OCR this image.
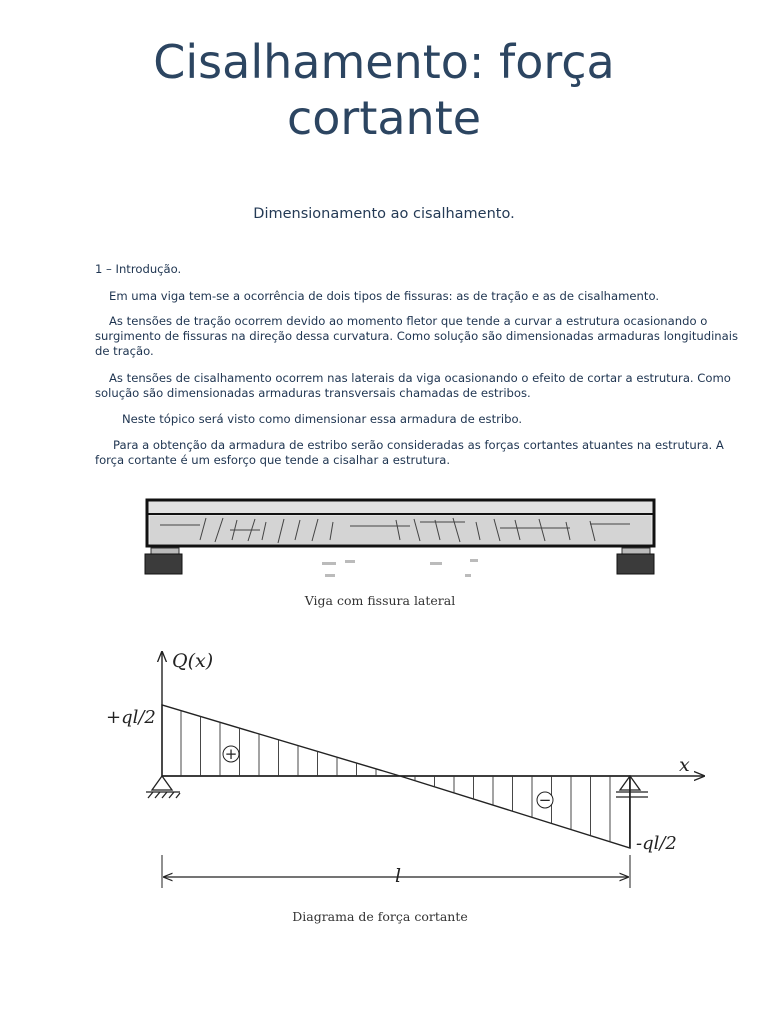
Cisalhamento: força
cortante
Dimensionamento ao cisalhamento.
1 – Introdução.
Em uma viga tem-se a ocorrência de dois tipos de fissuras: as de tração e as de cisalhamento.
As tensões de tração ocorrem devido ao momento fletor que tende a curvar a estrutura ocasionando o surgimento de fissuras na direção dessa curvatura. Como solução são dimensionadas armaduras longitudinais de tração.
As tensões de cisalhamento ocorrem nas laterais da viga ocasionando o efeito de cortar a estrutura. Como solução são dimensionadas armaduras transversais chamadas de estribos.
Neste tópico será visto como dimensionar essa armadura de estribo.
Para a obtenção da armadura de estribo serão consideradas as forças cortantes atuantes na estrutura. A força cortante é um esforço que tende a cisalhar a estrutura.
Viga com fissura lateral
+
−
Q(x)
x
+ql/2
-ql/2
l
Diagrama de força cortante
